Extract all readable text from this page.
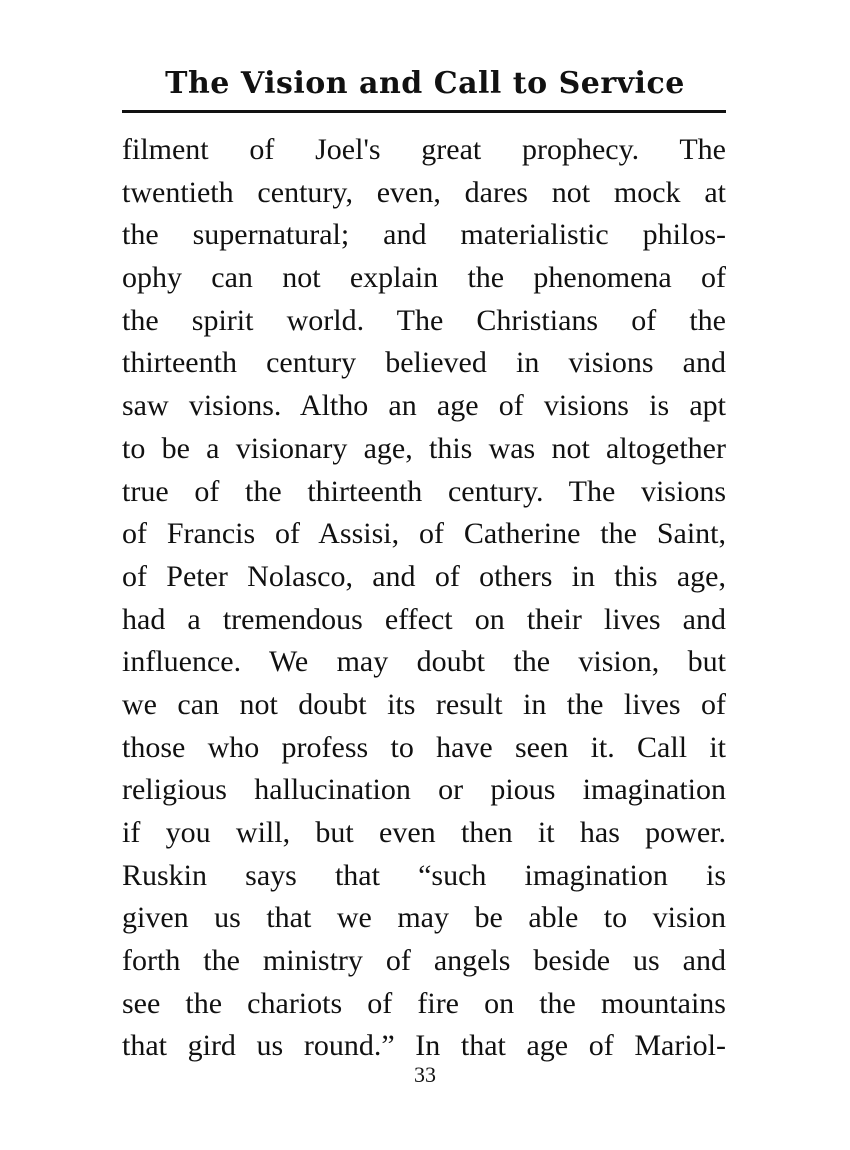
The Vision and Call to Service
filment of Joel's great prophecy. The
twentieth century, even, dares not mock at
the supernatural; and materialistic philos-
ophy can not explain the phenomena of
the spirit world. The Christians of the
thirteenth century believed in visions and
saw visions. Altho an age of visions is apt
to be a visionary age, this was not altogether
true of the thirteenth century. The visions
of Francis of Assisi, of Catherine the Saint,
of Peter Nolasco, and of others in this age,
had a tremendous effect on their lives and
influence. We may doubt the vision, but
we can not doubt its result in the lives of
those who profess to have seen it. Call it
religious hallucination or pious imagination
if you will, but even then it has power.
Ruskin says that “such imagination is
given us that we may be able to vision
forth the ministry of angels beside us and
see the chariots of fire on the mountains
that gird us round.” In that age of Mariol-
33
